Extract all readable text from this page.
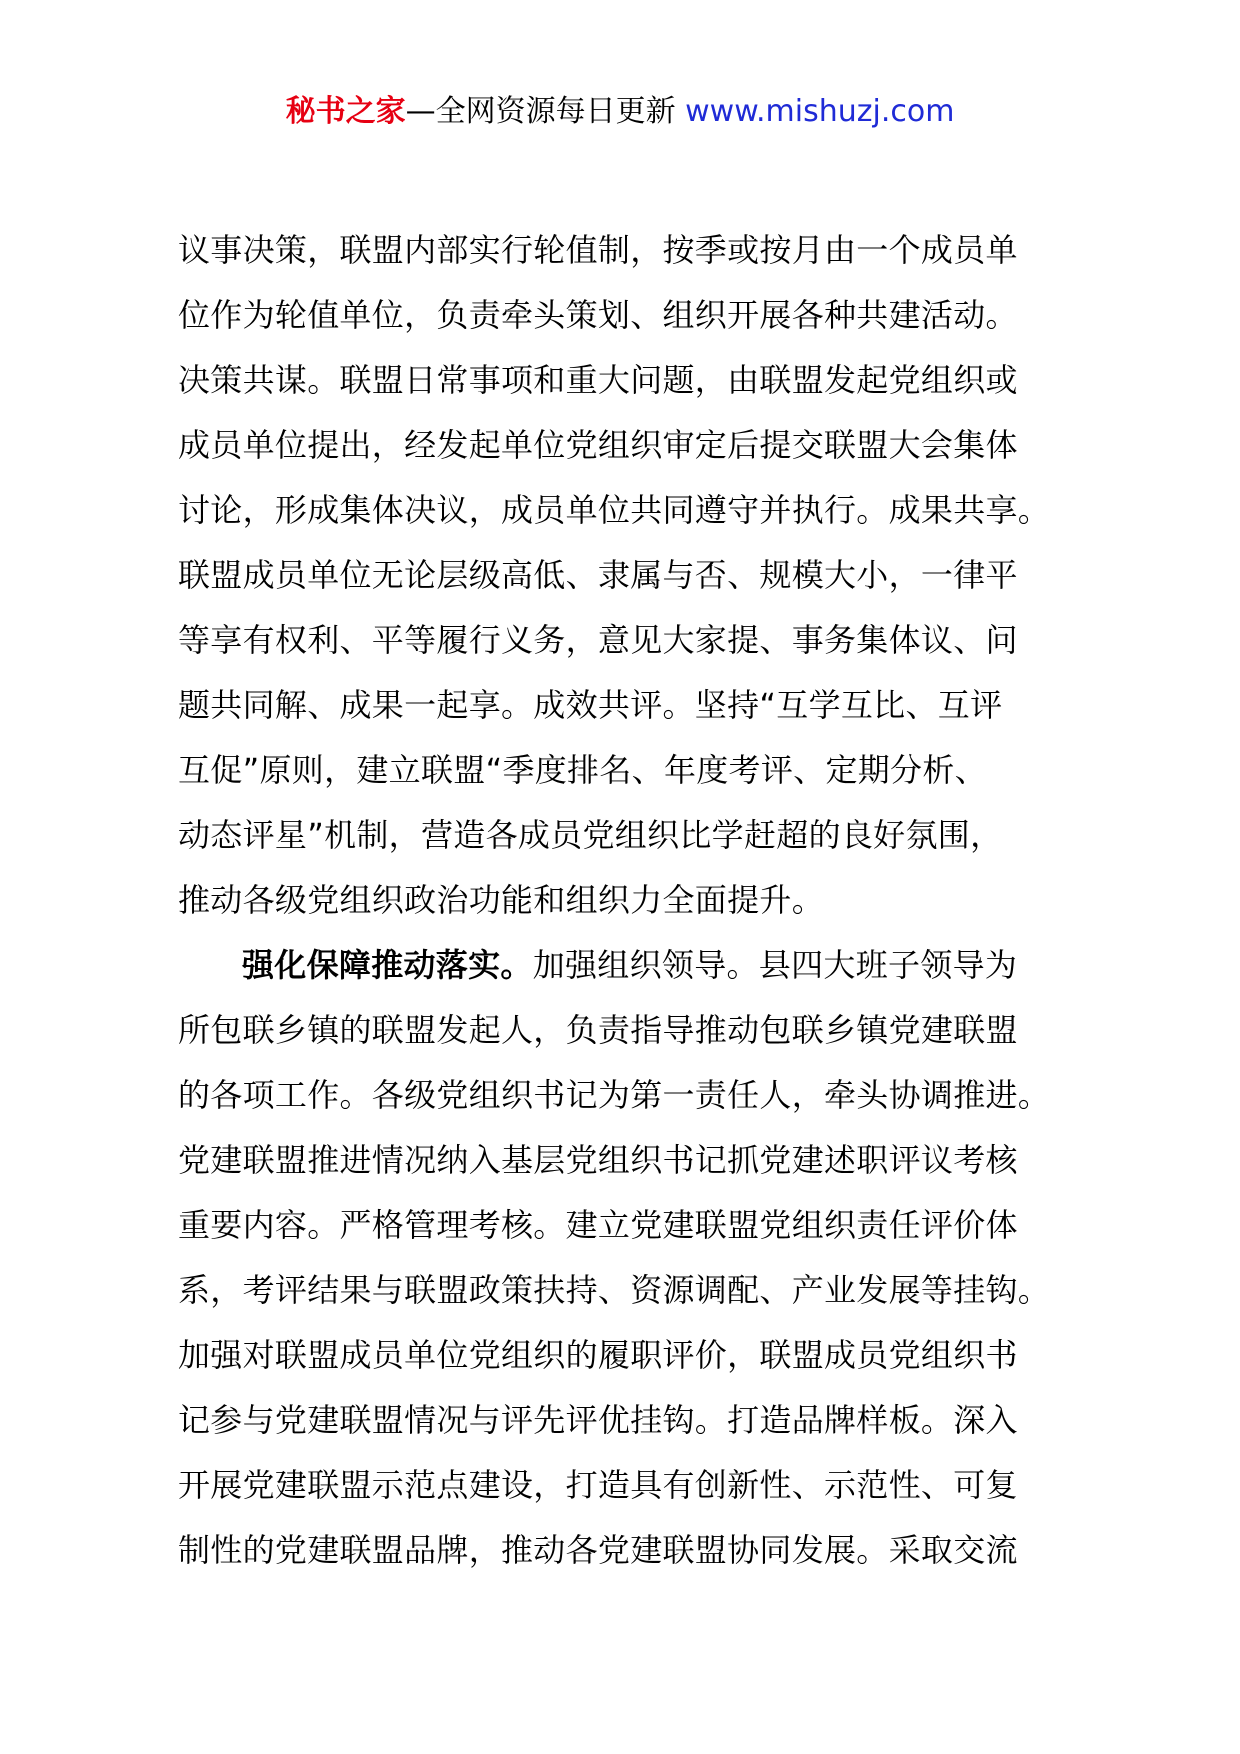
秘书之家—全网资源每日更新 www.mishuzj.com
议事决策，联盟内部实行轮值制，按季或按月由一个成员单
位作为轮值单位，负责牵头策划、组织开展各种共建活动。
决策共谋。联盟日常事项和重大问题，由联盟发起党组织或
成员单位提出，经发起单位党组织审定后提交联盟大会集体
讨论，形成集体决议，成员单位共同遵守并执行。成果共享。
联盟成员单位无论层级高低、隶属与否、规模大小，一律平
等享有权利、平等履行义务，意见大家提、事务集体议、问
题共同解、成果一起享。成效共评。坚持“互学互比、互评
互促”原则，建立联盟“季度排名、年度考评、定期分析、
动态评星”机制，营造各成员党组织比学赶超的良好氛围，
推动各级党组织政治功能和组织力全面提升。
强化保障推动落实。加强组织领导。县四大班子领导为
所包联乡镇的联盟发起人，负责指导推动包联乡镇党建联盟
的各项工作。各级党组织书记为第一责任人，牵头协调推进。
党建联盟推进情况纳入基层党组织书记抓党建述职评议考核
重要内容。严格管理考核。建立党建联盟党组织责任评价体
系，考评结果与联盟政策扶持、资源调配、产业发展等挂钩。
加强对联盟成员单位党组织的履职评价，联盟成员党组织书
记参与党建联盟情况与评先评优挂钩。打造品牌样板。深入
开展党建联盟示范点建设，打造具有创新性、示范性、可复
制性的党建联盟品牌，推动各党建联盟协同发展。采取交流
